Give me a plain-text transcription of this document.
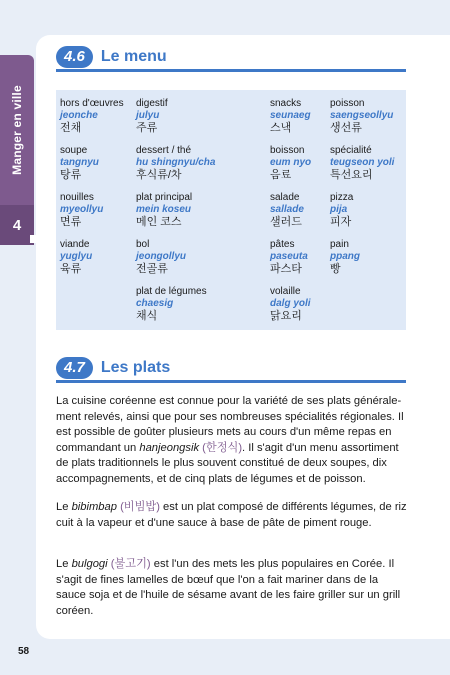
Manger en ville
4
4.6	Le menu
hors d'œuvres
jeonche
전채
soupe
tangnyu
탕류
nouilles
myeollyu
면류
viande
yuglyu
육류
digestif
julyu
주류
dessert / thé
hu shingnyu/cha
후식류/차
plat principal
mein koseu
메인 코스
bol
jeongollyu
전골류
plat de légumes
chaesig
채식
snacks
seunaeg
스낵
boisson
eum nyo
음료
salade
sallade
샐러드
pâtes
paseuta
파스타
volaille
dalg yoli
닭요리
poisson
saengseollyu
생선류
spécialité
teugseon yoli
특선요리
pizza
pija
피자
pain
ppang
빵
4.7	Les plats

La cuisine coréenne est connue pour la variété de ses plats générale-ment relevés, ainsi que pour ses nombreuses spécialités régionales. Il est possible de goûter plusieurs mets au cours d'un même repas en commandant un hanjeongsik (한정식). Il s'agit d'un menu assortiment de plats traditionnels le plus souvent constitué de deux soupes, dix accompagnements, et de cinq plats de légumes et de poisson.

Le bibimbap (비빔밥) est un plat composé de différents légumes, de riz cuit à la vapeur et d'une sauce à base de pâte de piment rouge.

Le bulgogi (불고기) est l'un des mets les plus populaires en Corée. Il s'agit de fines lamelles de bœuf que l'on a fait mariner dans de la sauce soja et de l'huile de sésame avant de les faire griller sur un grill coréen.

58
